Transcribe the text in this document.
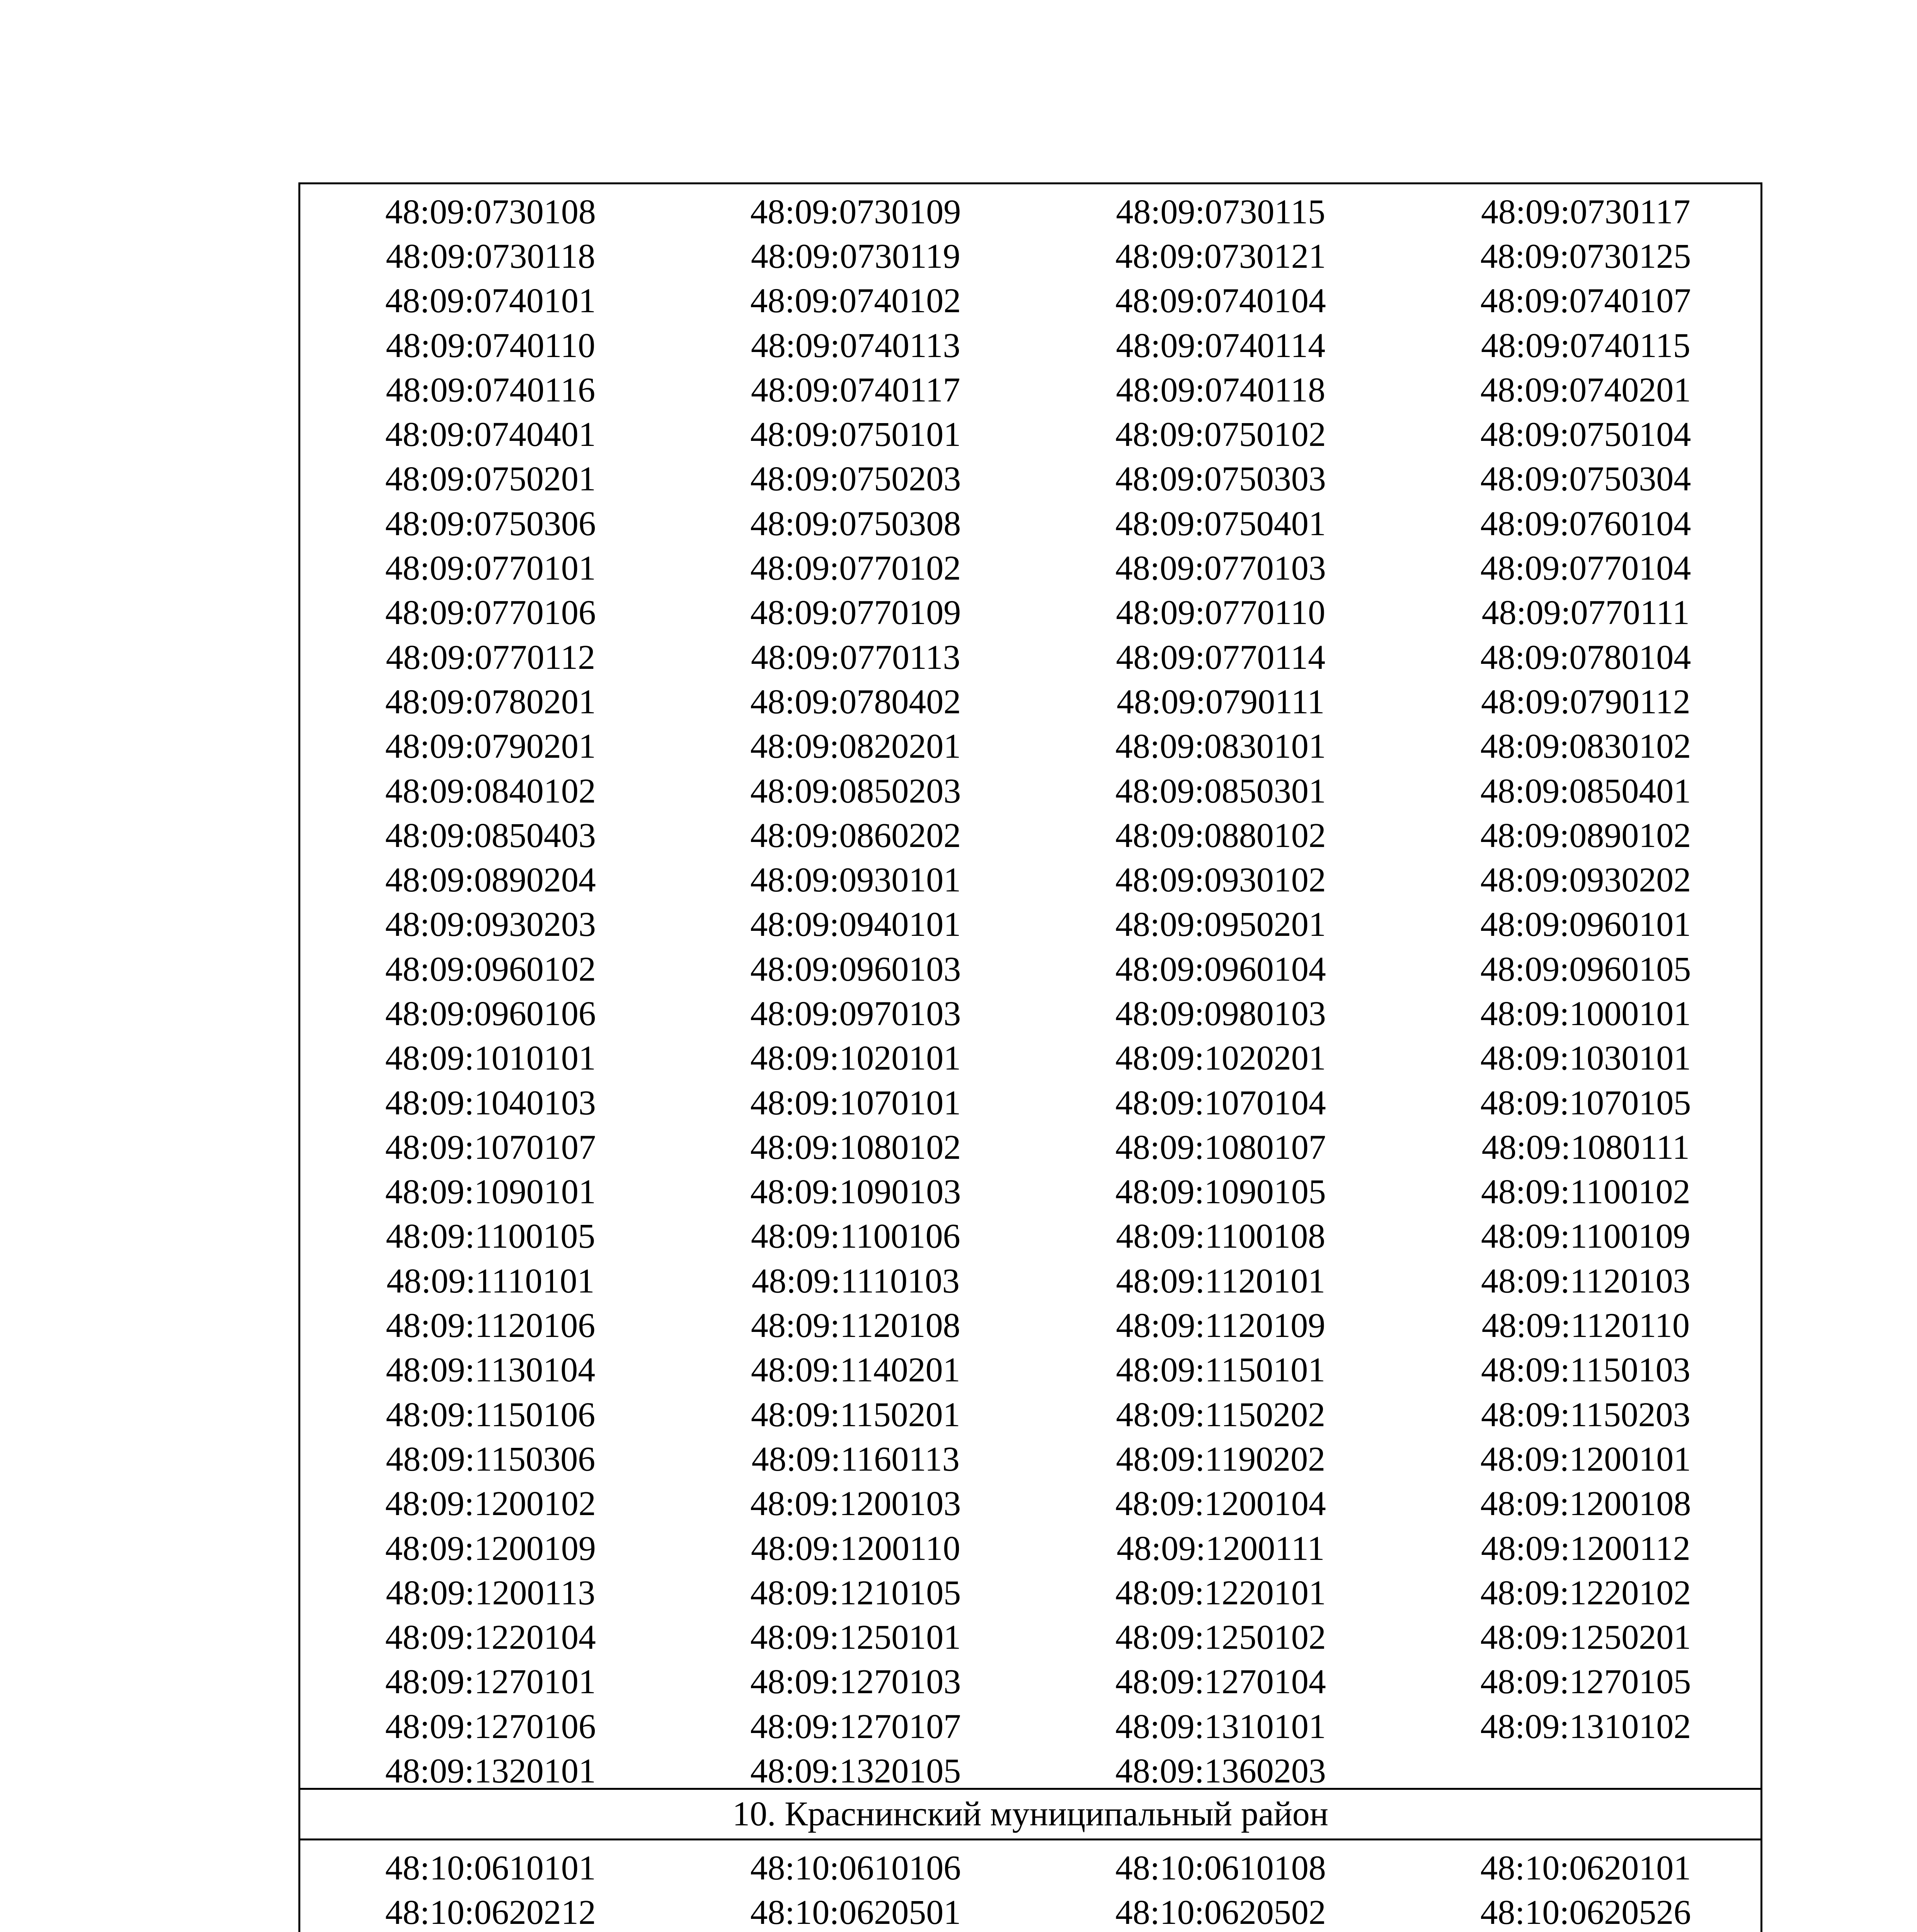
48:09:0730108	48:09:0730109	48:09:0730115	48:09:0730117
48:09:0730118	48:09:0730119	48:09:0730121	48:09:0730125
48:09:0740101	48:09:0740102	48:09:0740104	48:09:0740107
48:09:0740110	48:09:0740113	48:09:0740114	48:09:0740115
48:09:0740116	48:09:0740117	48:09:0740118	48:09:0740201
48:09:0740401	48:09:0750101	48:09:0750102	48:09:0750104
48:09:0750201	48:09:0750203	48:09:0750303	48:09:0750304
48:09:0750306	48:09:0750308	48:09:0750401	48:09:0760104
48:09:0770101	48:09:0770102	48:09:0770103	48:09:0770104
48:09:0770106	48:09:0770109	48:09:0770110	48:09:0770111
48:09:0770112	48:09:0770113	48:09:0770114	48:09:0780104
48:09:0780201	48:09:0780402	48:09:0790111	48:09:0790112
48:09:0790201	48:09:0820201	48:09:0830101	48:09:0830102
48:09:0840102	48:09:0850203	48:09:0850301	48:09:0850401
48:09:0850403	48:09:0860202	48:09:0880102	48:09:0890102
48:09:0890204	48:09:0930101	48:09:0930102	48:09:0930202
48:09:0930203	48:09:0940101	48:09:0950201	48:09:0960101
48:09:0960102	48:09:0960103	48:09:0960104	48:09:0960105
48:09:0960106	48:09:0970103	48:09:0980103	48:09:1000101
48:09:1010101	48:09:1020101	48:09:1020201	48:09:1030101
48:09:1040103	48:09:1070101	48:09:1070104	48:09:1070105
48:09:1070107	48:09:1080102	48:09:1080107	48:09:1080111
48:09:1090101	48:09:1090103	48:09:1090105	48:09:1100102
48:09:1100105	48:09:1100106	48:09:1100108	48:09:1100109
48:09:1110101	48:09:1110103	48:09:1120101	48:09:1120103
48:09:1120106	48:09:1120108	48:09:1120109	48:09:1120110
48:09:1130104	48:09:1140201	48:09:1150101	48:09:1150103
48:09:1150106	48:09:1150201	48:09:1150202	48:09:1150203
48:09:1150306	48:09:1160113	48:09:1190202	48:09:1200101
48:09:1200102	48:09:1200103	48:09:1200104	48:09:1200108
48:09:1200109	48:09:1200110	48:09:1200111	48:09:1200112
48:09:1200113	48:09:1210105	48:09:1220101	48:09:1220102
48:09:1220104	48:09:1250101	48:09:1250102	48:09:1250201
48:09:1270101	48:09:1270103	48:09:1270104	48:09:1270105
48:09:1270106	48:09:1270107	48:09:1310101	48:09:1310102
48:09:1320101	48:09:1320105	48:09:1360203
10. Краснинский муниципальный район
48:10:0610101	48:10:0610106	48:10:0610108	48:10:0620101
48:10:0620212	48:10:0620501	48:10:0620502	48:10:0620526
